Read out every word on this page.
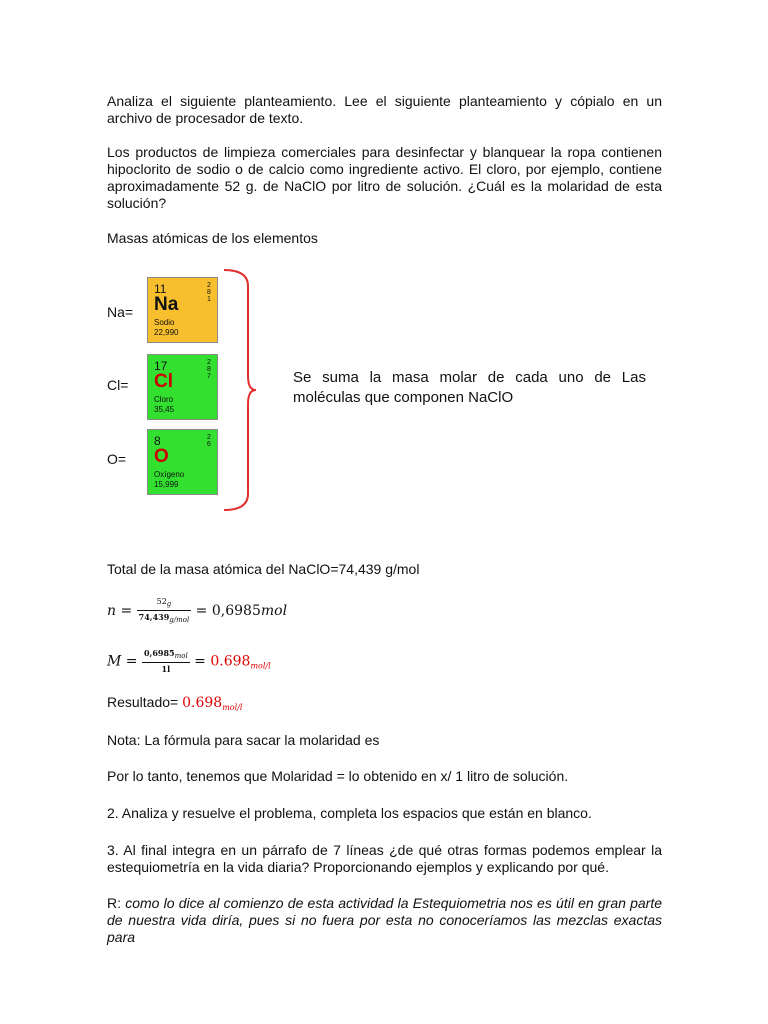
Analiza el siguiente planteamiento. Lee el siguiente planteamiento y cópialo en un archivo de procesador de texto.

Los productos de limpieza comerciales para desinfectar y blanquear la ropa contienen hipoclorito de sodio o de calcio como ingrediente activo. El cloro, por ejemplo, contiene aproximadamente 52 g. de NaClO por litro de solución. ¿Cuál es la molaridad de esta solución?

Masas atómicas de los elementos

Na=
11
Na
Sodio
22,990
2
8
1
Cl=
17
Cl
Cloro
35,45
2
8
7
O=
8
O
Oxígeno
15,999
2
6

Se suma la masa molar de cada uno de Las moléculas que componen NaClO

Total de la masa atómica del NaClO=74,439 g/mol

$n = \frac{52g}{\text{74,439g/mol}} = 0,6985mol$
$M = \frac{\text{0,6985mol}}{1l} = 0.698_{mol/l}$
Resultado= $0.698_{mol/l}$

Nota: La fórmula para sacar la molaridad es

Por lo tanto, tenemos que Molaridad = lo obtenido en x/ 1 litro de solución.

2. Analiza y resuelve el problema, completa los espacios que están en blanco.

3. Al final integra en un párrafo de 7 líneas ¿de qué otras formas podemos emplear la estequiometría en la vida diaria? Proporcionando ejemplos y explicando por qué.

R: como lo dice al comienzo de esta actividad la Estequiometria nos es útil en gran parte de nuestra vida diría, pues si no fuera por esta no conoceríamos las mezclas exactas para
